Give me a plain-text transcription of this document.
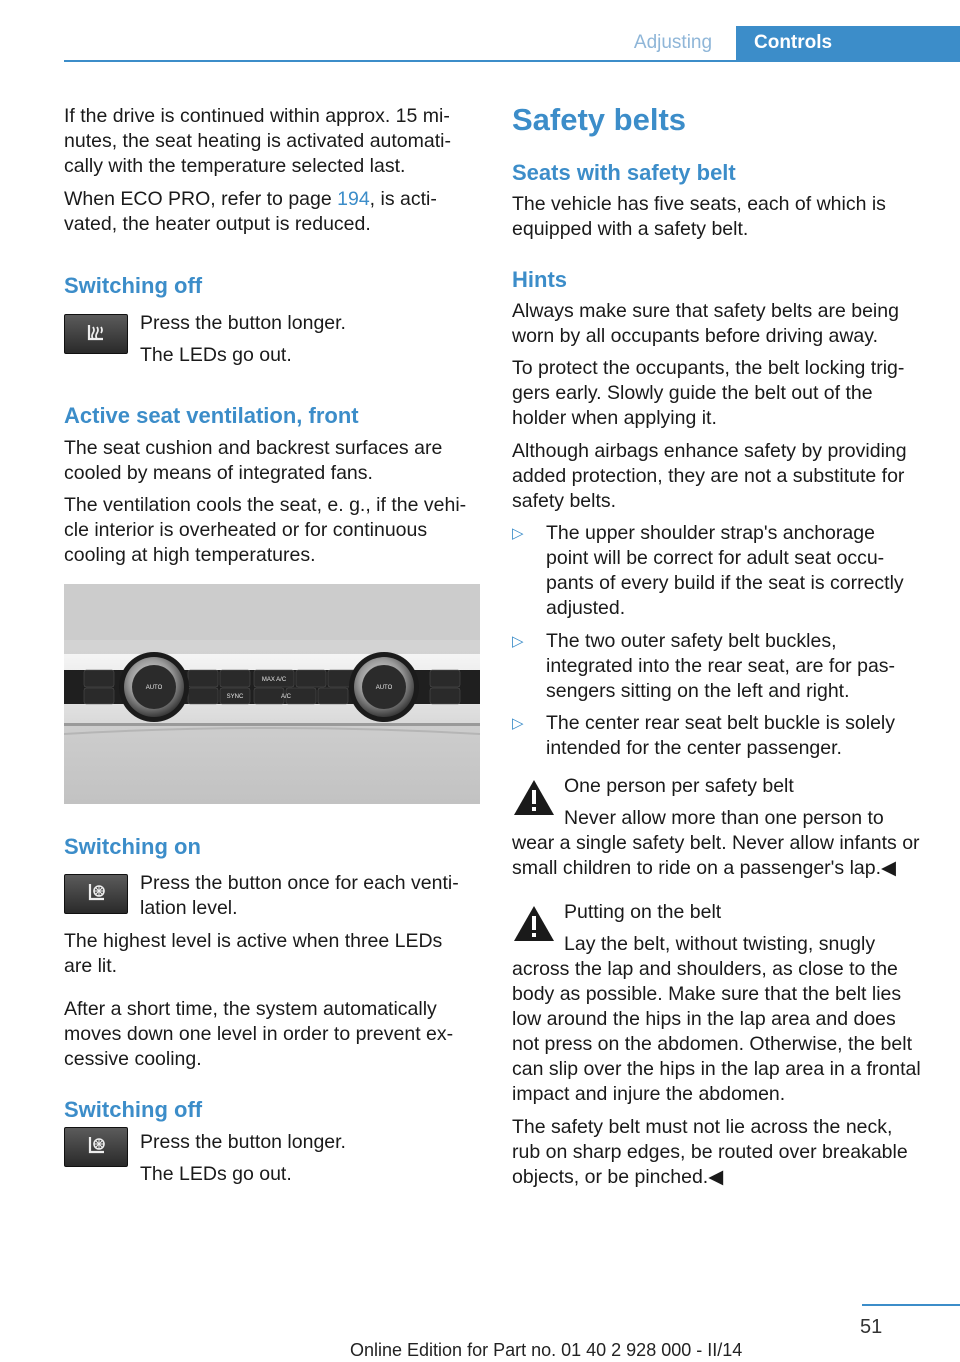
Adjusting	Controls

If the drive is continued within approx. 15 mi-
nutes, the seat heating is activated automati-
cally with the temperature selected last.

When ECO PRO, refer to page 194, is acti-
vated, the heater output is reduced.

Switching off

Press the button longer.

The LEDs go out.

Active seat ventilation, front

The seat cushion and backrest surfaces are
cooled by means of integrated fans.

The ventilation cools the seat, e. g., if the vehi-
cle interior is overheated or for continuous
cooling at high temperatures.

AUTO
MAX A/C
SYNC	A/C
AUTO
Switching on

Press the button once for each venti-
lation level.

The highest level is active when three LEDs
are lit.

After a short time, the system automatically
moves down one level in order to prevent ex-
cessive cooling.

Switching off

Press the button longer.

The LEDs go out.

Safety belts
Seats with safety belt

The vehicle has five seats, each of which is
equipped with a safety belt.

Hints

Always make sure that safety belts are being
worn by all occupants before driving away.

To protect the occupants, the belt locking trig-
gers early. Slowly guide the belt out of the
holder when applying it.

Although airbags enhance safety by providing
added protection, they are not a substitute for
safety belts.

▷	The upper shoulder strap's anchorage
point will be correct for adult seat occu-
pants of every build if the seat is correctly
adjusted.

▷	The two outer safety belt buckles,
integrated into the rear seat, are for pas-
sengers sitting on the left and right.

▷	The center rear seat belt buckle is solely
intended for the center passenger.

One person per safety belt

Never allow more than one person to

wear a single safety belt. Never allow infants or
small children to ride on a passenger's lap.◀

Putting on the belt

Lay the belt, without twisting, snugly

across the lap and shoulders, as close to the
body as possible. Make sure that the belt lies
low around the hips in the lap area and does
not press on the abdomen. Otherwise, the belt
can slip over the hips in the lap area in a frontal
impact and injure the abdomen.

The safety belt must not lie across the neck,
rub on sharp edges, be routed over breakable
objects, or be pinched.◀

51
Online Edition for Part no. 01 40 2 928 000 - II/14
